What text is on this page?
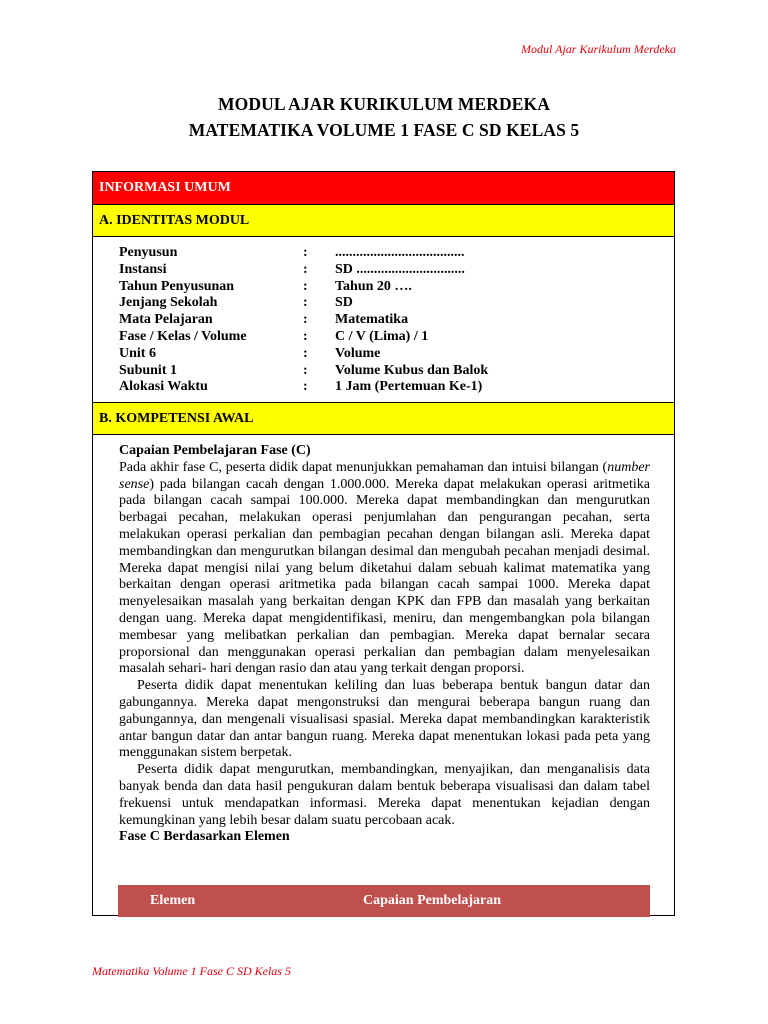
Modul Ajar Kurikulum Merdeka
MODUL AJAR KURIKULUM MERDEKA
MATEMATIKA VOLUME 1 FASE C SD KELAS 5
INFORMASI UMUM
A. IDENTITAS MODUL
Penyusun	:	.....................................
Instansi	:	SD ...............................
Tahun Penyusunan	:	Tahun 20 ….
Jenjang Sekolah	:	SD
Mata Pelajaran	:	Matematika
Fase / Kelas / Volume	:	C / V (Lima) / 1
Unit 6	:	Volume
Subunit 1	:	Volume Kubus dan Balok
Alokasi Waktu	:	1 Jam (Pertemuan Ke-1)
B. KOMPETENSI AWAL
Capaian Pembelajaran Fase (C)

Pada akhir fase C, peserta didik dapat menunjukkan pemahaman dan intuisi bilangan (number sense) pada bilangan cacah dengan 1.000.000. Mereka dapat melakukan operasi aritmetika pada bilangan cacah sampai 100.000. Mereka dapat membandingkan dan mengurutkan berbagai pecahan, melakukan operasi penjumlahan dan pengurangan pecahan, serta melakukan operasi perkalian dan pembagian pecahan dengan bilangan asli. Mereka dapat membandingkan dan mengurutkan bilangan desimal dan mengubah pecahan menjadi desimal. Mereka dapat mengisi nilai yang belum diketahui dalam sebuah kalimat matematika yang berkaitan dengan operasi aritmetika pada bilangan cacah sampai 1000. Mereka dapat menyelesaikan masalah yang berkaitan dengan KPK dan FPB dan masalah yang berkaitan dengan uang. Mereka dapat mengidentifikasi, meniru, dan mengembangkan pola bilangan membesar yang melibatkan perkalian dan pembagian. Mereka dapat bernalar secara proporsional dan menggunakan operasi perkalian dan pembagian dalam menyelesaikan masalah sehari- hari dengan rasio dan atau yang terkait dengan proporsi.

Peserta didik dapat menentukan keliling dan luas beberapa bentuk bangun datar dan gabungannya. Mereka dapat mengonstruksi dan mengurai beberapa bangun ruang dan gabungannya, dan mengenali visualisasi spasial. Mereka dapat membandingkan karakteristik antar bangun datar dan antar bangun ruang. Mereka dapat menentukan lokasi pada peta yang menggunakan sistem berpetak.

Peserta didik dapat mengurutkan, membandingkan, menyajikan, dan menganalisis data banyak benda dan data hasil pengukuran dalam bentuk beberapa visualisasi dan dalam tabel frekuensi untuk mendapatkan informasi. Mereka dapat menentukan kejadian dengan kemungkinan yang lebih besar dalam suatu percobaan acak.

Fase C Berdasarkan Elemen
Elemen	Capaian Pembelajaran
Matematika Volume 1 Fase C SD Kelas 5
